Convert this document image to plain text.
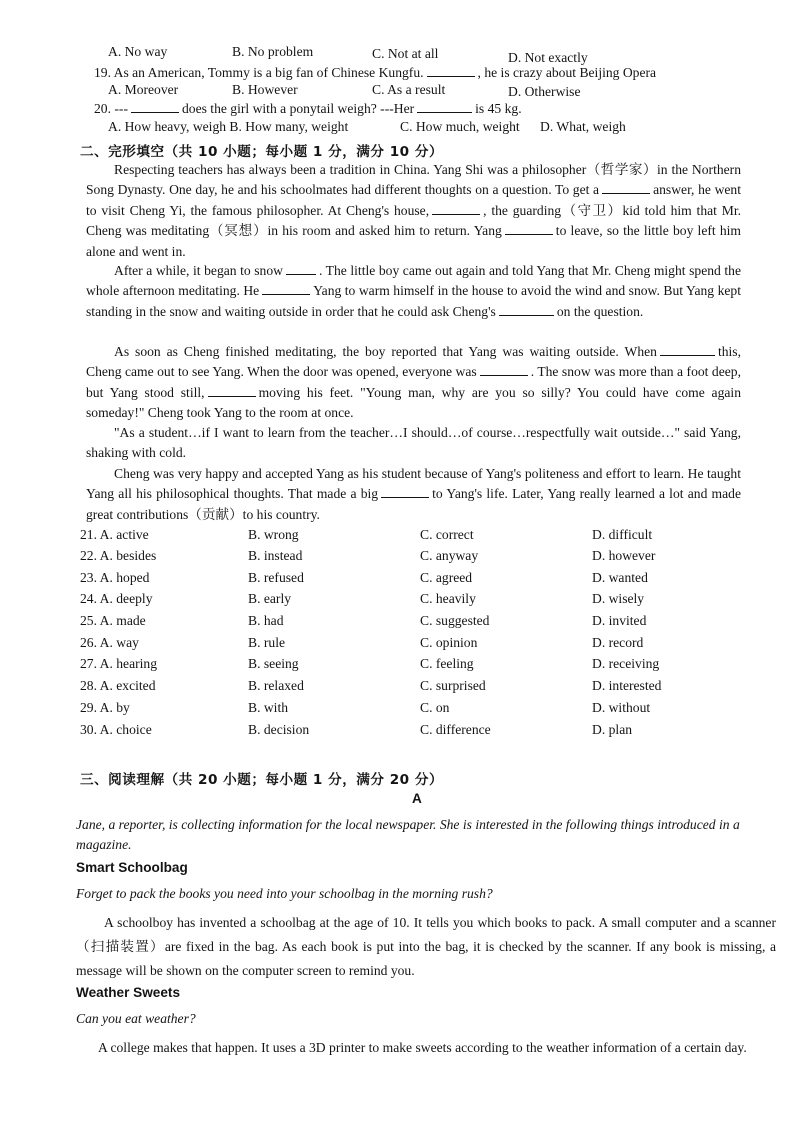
A. No way	B. No problem	C. Not at all	D. Not exactly
19. As an American, Tommy is a big fan of Chinese Kungfu.	, he is crazy about Beijing Opera
A. Moreover	B. However	C. As a result	D. Otherwise
20. ---	does the girl with a ponytail weigh? ---Her	is 45 kg.
A. How heavy, weigh B. How many, weight	C. How much, weight D. What, weigh
二、完形填空（共 10 小题；每小题 1 分，满分 10 分）
Respecting teachers has always been a tradition in China. Yang Shi was a philosopher（哲学家）in the Northern Song Dynasty. One day, he and his schoolmates had different thoughts on a question. To get a	answer, he went to visit Cheng Yi, the famous philosopher. At Cheng's house,	, the guarding（守卫）kid told him that Mr. Cheng was meditating（冥想）in his room and asked him to return. Yang	to leave, so the little boy left him alone and went in.
After a while, it began to snow	. The little boy came out again and told Yang that Mr. Cheng might spend the whole afternoon meditating. He	Yang to warm himself in the house to avoid the wind and snow. But Yang kept standing in the snow and waiting outside in order that he could ask Cheng's	on the question.
As soon as Cheng finished meditating, the boy reported that Yang was waiting outside. When	this, Cheng came out to see Yang. When the door was opened, everyone was	. The snow was more than a foot deep, but Yang stood still,	moving his feet. "Young man, why are you so silly? You could have come again someday!" Cheng took Yang to the room at once.
"As a student…if I want to learn from the teacher…I should…of course…respectfully wait outside…" said Yang, shaking with cold.
Cheng was very happy and accepted Yang as his student because of Yang's politeness and effort to learn. He taught Yang all his philosophical thoughts. That made a big	to Yang's life. Later, Yang really learned a lot and made great contributions（贡献）to his country.
21. A. active	B. wrong	C. correct	D. difficult
22. A. besides	B. instead	C. anyway	D. however
23. A. hoped	B. refused	C. agreed	D. wanted
24. A. deeply	B. early	C. heavily	D. wisely
25. A. made	B. had	C. suggested	D. invited
26. A. way	B. rule	C. opinion	D. record
27. A. hearing	B. seeing	C. feeling	D. receiving
28. A. excited	B. relaxed	C. surprised	D. interested
29. A. by	B. with	C. on	D. without
30. A. choice	B. decision	C. difference	D. plan
三、阅读理解（共 20 小题；每小题 1 分，满分 20 分）
A
Jane, a reporter, is collecting information for the local newspaper. She is interested in the following things introduced in a magazine.
Smart Schoolbag
Forget to pack the books you need into your schoolbag in the morning rush?
A schoolboy has invented a schoolbag at the age of 10. It tells you which books to pack. A small computer and a scanner（扫描装置）are fixed in the bag. As each book is put into the bag, it is checked by the scanner. If any book is missing, a message will be shown on the computer screen to remind you.
Weather Sweets
Can you eat weather?
A college makes that happen. It uses a 3D printer to make sweets according to the weather information of a certain day.
